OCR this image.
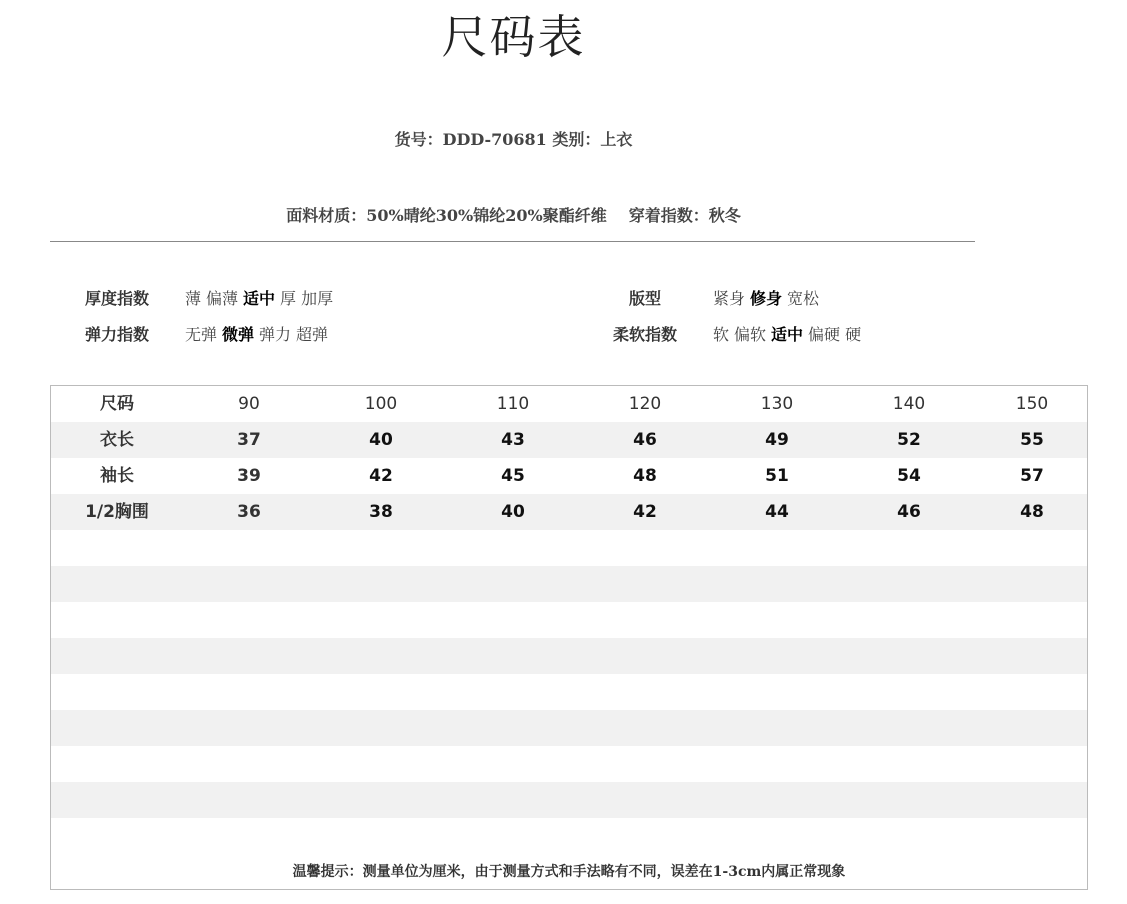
尺码表
货号：DDD-70681 类别：上衣
面料材质：50%晴纶30%锦纶20%聚酯纤维 穿着指数：秋冬
厚度指数 薄 偏薄 适中 厚 加厚	版型	紧身 修身 宽松
弹力指数 无弹 微弹 弹力 超弹	柔软指数 软 偏软 适中 偏硬 硬
尺码	90	100	110	120	130	140	150
衣长	37	40	43	46	49	52	55
袖长	39	42	45	48	51	54	57
1/2胸围	36	38	40	42	44	46	48
温馨提示：测量单位为厘米，由于测量方式和手法略有不同，误差在1-3cm内属正常现象
